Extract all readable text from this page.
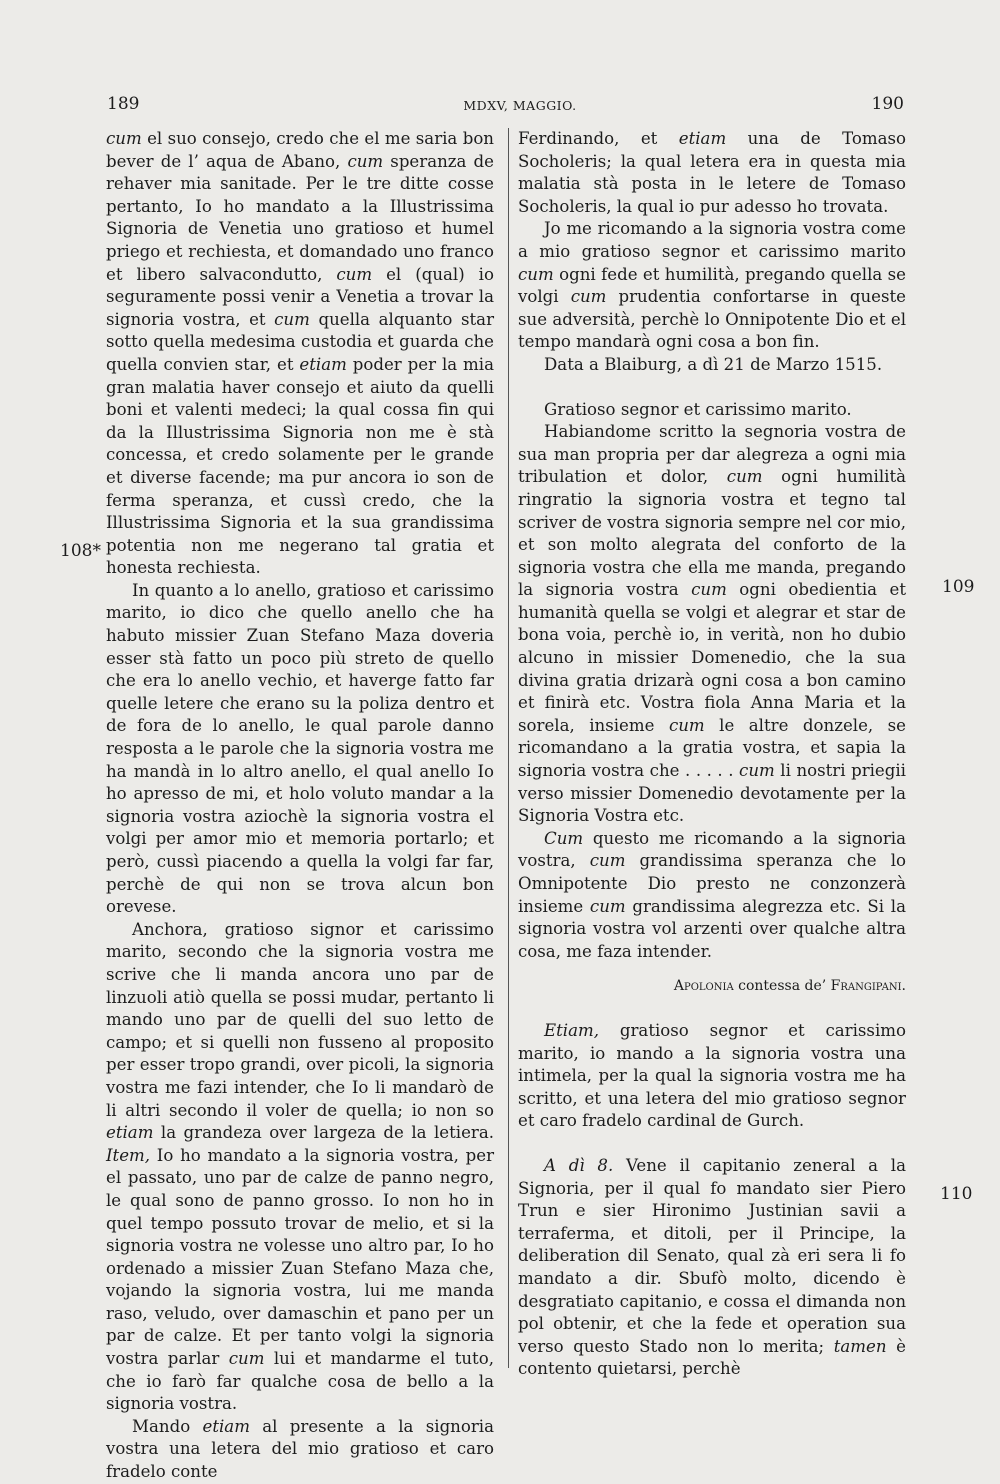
189	MDXV, MAGGIO.	190
108*
109
110

cum el suo consejo, credo che el me saria bon bever de l’ aqua de Abano, cum speranza de rehaver mia sanitade. Per le tre ditte cosse pertanto, Io ho mandato a la Illustrissima Signoria de Venetia uno gratioso et humel priego et rechiesta, et domandado uno franco et libero salvacondutto, cum el (qual) io seguramente possi venir a Venetia a trovar la signoria vostra, et cum quella alquanto star sotto quella medesima custodia et guarda che quella convien star, et etiam poder per la mia gran malatia haver consejo et aiuto da quelli boni et valenti medeci; la qual cossa fin qui da la Illustrissima Signoria non me è stà concessa, et credo solamente per le grande et diverse facende; ma pur ancora io son de ferma speranza, et cussì credo, che la Illustrissima Signoria et la sua grandissima potentia non me negerano tal gratia et honesta rechiesta.

In quanto a lo anello, gratioso et carissimo marito, io dico che quello anello che ha habuto missier Zuan Stefano Maza doveria esser stà fatto un poco più streto de quello che era lo anello vechio, et haverge fatto far quelle letere che erano su la poliza dentro et de fora de lo anello, le qual parole danno resposta a le parole che la signoria vostra me ha mandà in lo altro anello, el qual anello Io ho apresso de mi, et holo voluto mandar a la signoria vostra aziochè la signoria vostra el volgi per amor mio et memoria portarlo; et però, cussì piacendo a quella la volgi far far, perchè de qui non se trova alcun bon orevese.

Anchora, gratioso signor et carissimo marito, secondo che la signoria vostra me scrive che li manda ancora uno par de linzuoli atiò quella se possi mudar, pertanto li mando uno par de quelli del suo letto de campo; et si quelli non fusseno al proposito per esser tropo grandi, over picoli, la signoria vostra me fazi intender, che Io li mandarò de li altri secondo il voler de quella; io non so etiam la grandeza over largeza de la letiera. Item, Io ho mandato a la signoria vostra, per el passato, uno par de calze de panno negro, le qual sono de panno grosso. Io non ho in quel tempo possuto trovar de melio, et si la signoria vostra ne volesse uno altro par, Io ho ordenado a missier Zuan Stefano Maza che, vojando la signoria vostra, lui me manda raso, veludo, over damaschin et pano per un par de calze. Et per tanto volgi la signoria vostra parlar cum lui et mandarme el tuto, che io farò far qualche cosa de bello a la signoria vostra.

Mando etiam al presente a la signoria vostra una letera del mio gratioso et caro fradelo conte

Ferdinando, et etiam una de Tomaso Socholeris; la qual letera era in questa mia malatia stà posta in le letere de Tomaso Socholeris, la qual io pur adesso ho trovata.

Jo me ricomando a la signoria vostra come a mio gratioso segnor et carissimo marito cum ogni fede et humilità, pregando quella se volgi cum prudentia confortarse in queste sue adversità, perchè lo Onnipotente Dio et el tempo mandarà ogni cosa a bon fin.

Data a Blaiburg, a dì 21 de Marzo 1515.

Gratioso segnor et carissimo marito.

Habiandome scritto la segnoria vostra de sua man propria per dar alegreza a ogni mia tribulation et dolor, cum ogni humilità ringratio la signoria vostra et tegno tal scriver de vostra signoria sempre nel cor mio, et son molto alegrata del conforto de la signoria vostra che ella me manda, pregando la signoria vostra cum ogni obedientia et humanità quella se volgi et alegrar et star de bona voia, perchè io, in verità, non ho dubio alcuno in missier Domenedio, che la sua divina gratia drizarà ogni cosa a bon camino et finirà etc. Vostra fiola Anna Maria et la sorela, insieme cum le altre donzele, se ricomandano a la gratia vostra, et sapia la signoria vostra che . . . . . cum li nostri priegii verso missier Domenedio devotamente per la Signoria Vostra etc.

Cum questo me ricomando a la signoria vostra, cum grandissima speranza che lo Omnipotente Dio presto ne conzonzerà insieme cum grandissima alegrezza etc. Si la signoria vostra vol arzenti over qualche altra cosa, me faza intender.

Apolonia contessa de’ Frangipani.

Etiam, gratioso segnor et carissimo marito, io mando a la signoria vostra una intimela, per la qual la signoria vostra me ha scritto, et una letera del mio gratioso segnor et caro fradelo cardinal de Gurch.

A dì 8. Vene il capitanio zeneral a la Signoria, per il qual fo mandato sier Piero Trun e sier Hironimo Justinian savii a terraferma, et ditoli, per il Principe, la deliberation dil Senato, qual zà eri sera li fo mandato a dir. Sbufò molto, dicendo è desgratiato capitanio, e cossa el dimanda non pol obtenir, et che la fede et operation sua verso questo Stado non lo merita; tamen è contento quietarsi, perchè
